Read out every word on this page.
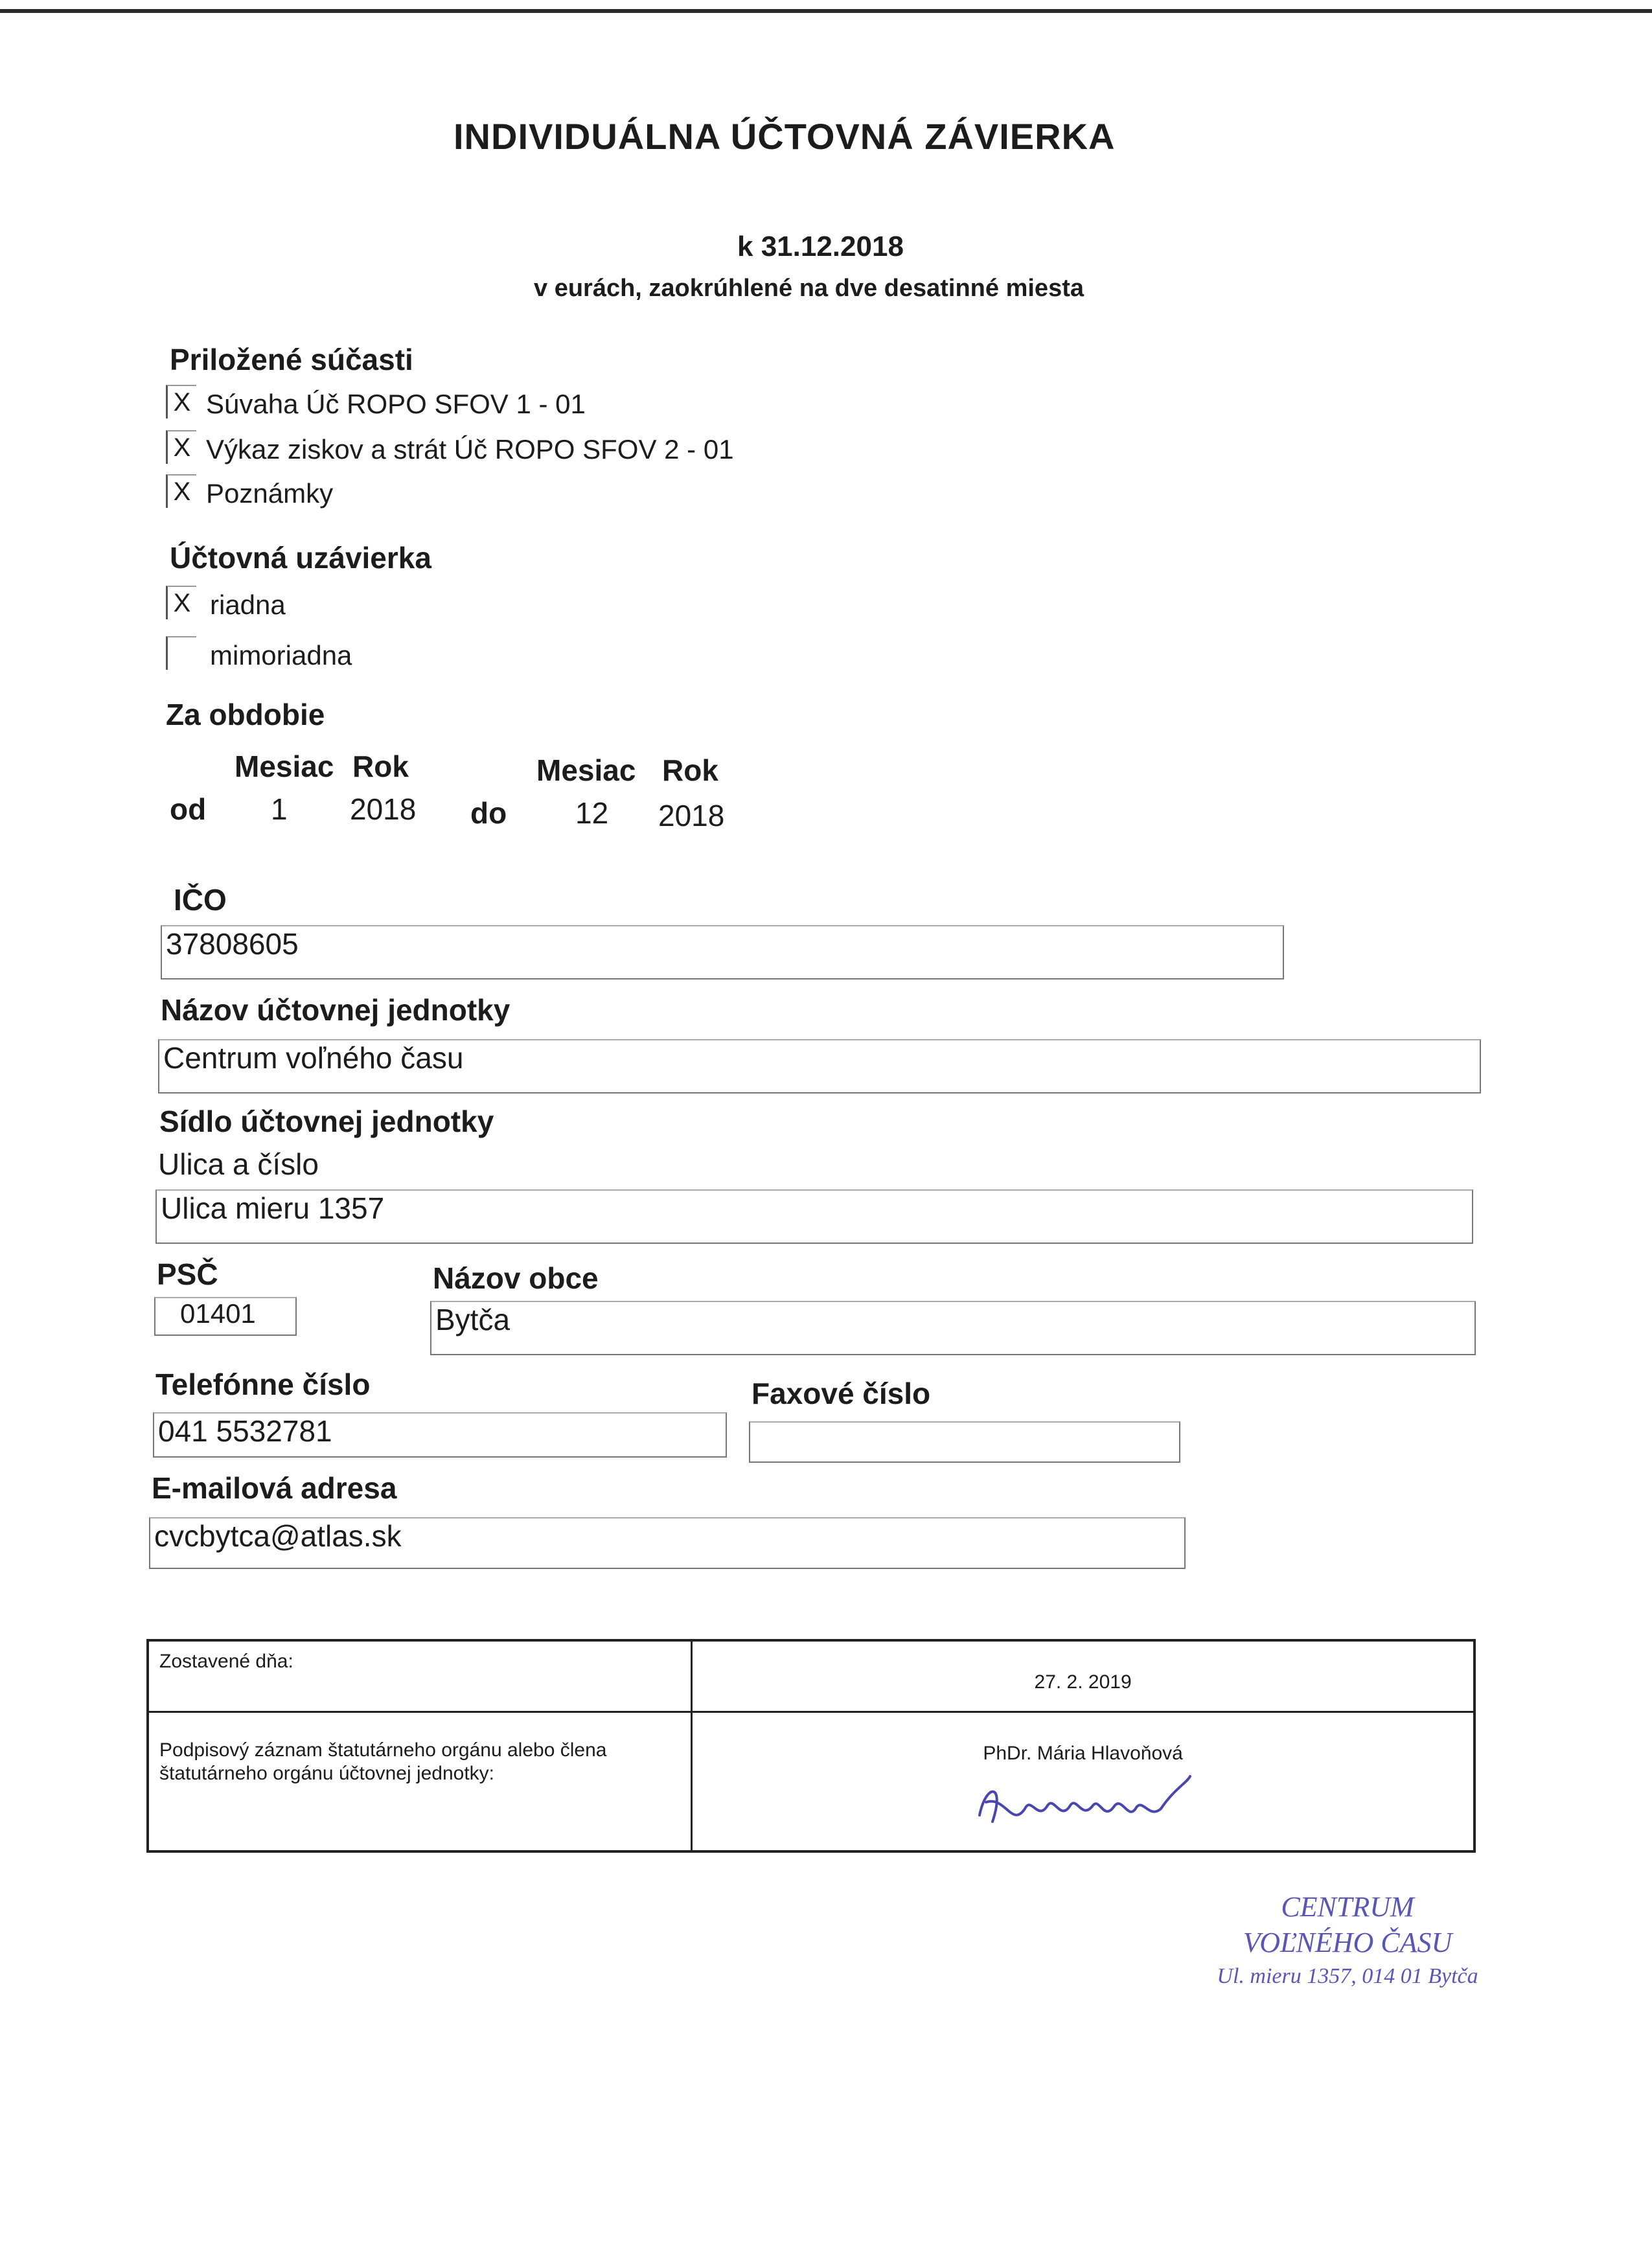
INDIVIDUÁLNA ÚČTOVNÁ ZÁVIERKA
k 31.12.2018
v eurách, zaokrúhlené na dve desatinné miesta
Priložené súčasti
X Súvaha Úč ROPO SFOV 1 - 01
X Výkaz ziskov a strát Úč ROPO SFOV 2 - 01
X Poznámky
Účtovná uzávierka
X riadna
mimoriadna
Za obdobie
Mesiac Rok	Mesiac Rok
od 1 2018 do 12 2018
IČO
37808605
Názov účtovnej jednotky
Centrum voľného času
Sídlo účtovnej jednotky
Ulica a číslo
Ulica mieru 1357
PSČ
01401
Názov obce
Bytča
Telefónne číslo
041 5532781
Faxové číslo
E-mailová adresa
cvcbytca@atlas.sk
Zostavené dňa:	27. 2. 2019
Podpisový záznam štatutárneho orgánu alebo člena štatutárneho orgánu účtovnej jednotky:	PhDr. Mária Hlavoňová
CENTRUM
VOĽNÉHO ČASU
Ul. mieru 1357, 014 01 Bytča
